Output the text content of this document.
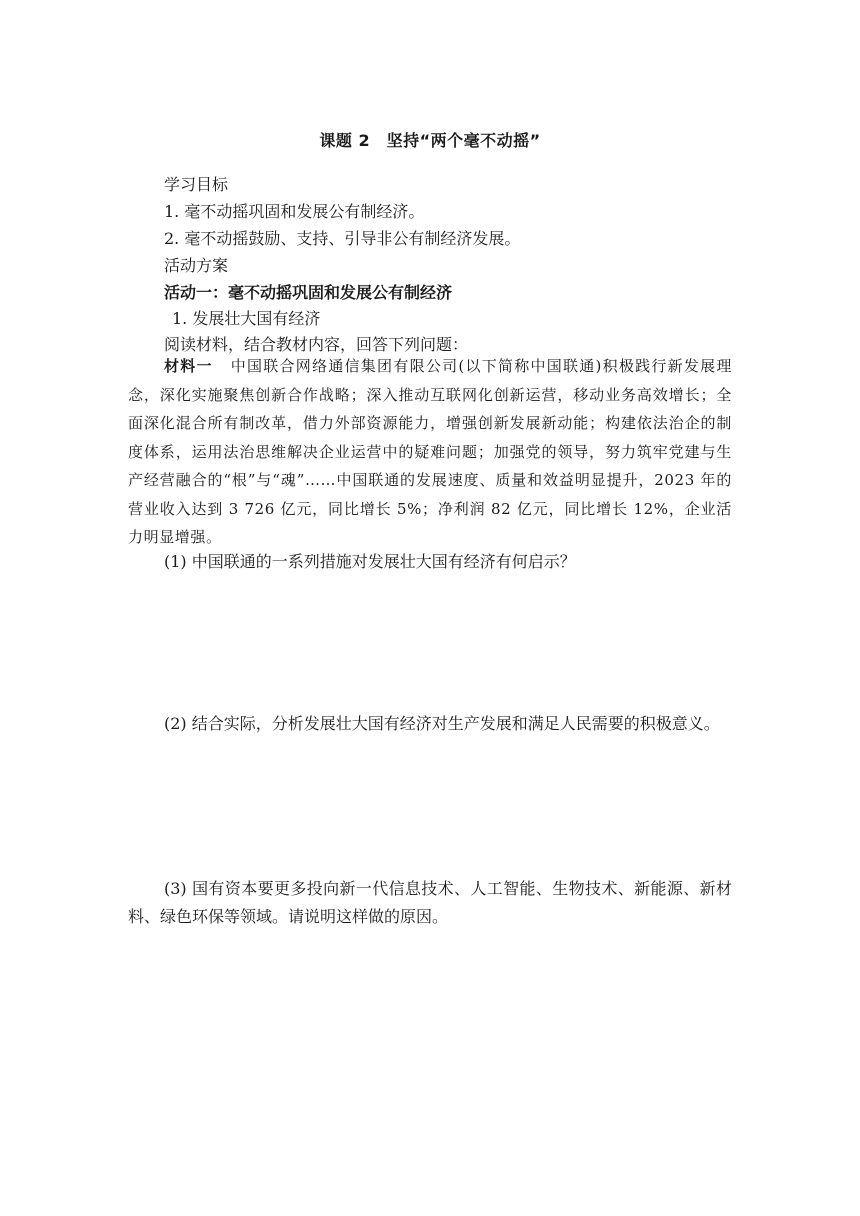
课题 2　坚持“两个毫不动摇”
学习目标
1. 毫不动摇巩固和发展公有制经济。
2. 毫不动摇鼓励、支持、引导非公有制经济发展。
活动方案
活动一：毫不动摇巩固和发展公有制经济
1. 发展壮大国有经济
阅读材料，结合教材内容，回答下列问题：
材料一 中国联合网络通信集团有限公司(以下简称中国联通)积极践行新发展理念，深化实施聚焦创新合作战略；深入推动互联网化创新运营，移动业务高效增长；全面深化混合所有制改革，借力外部资源能力，增强创新发展新动能；构建依法治企的制度体系，运用法治思维解决企业运营中的疑难问题；加强党的领导，努力筑牢党建与生产经营融合的“根”与“魂”……中国联通的发展速度、质量和效益明显提升，2023 年的营业收入达到 3 726 亿元，同比增长 5%；净利润 82 亿元，同比增长 12%，企业活力明显增强。
(1) 中国联通的一系列措施对发展壮大国有经济有何启示？
(2) 结合实际，分析发展壮大国有经济对生产发展和满足人民需要的积极意义。
(3) 国有资本要更多投向新一代信息技术、人工智能、生物技术、新能源、新材料、绿色环保等领域。请说明这样做的原因。
